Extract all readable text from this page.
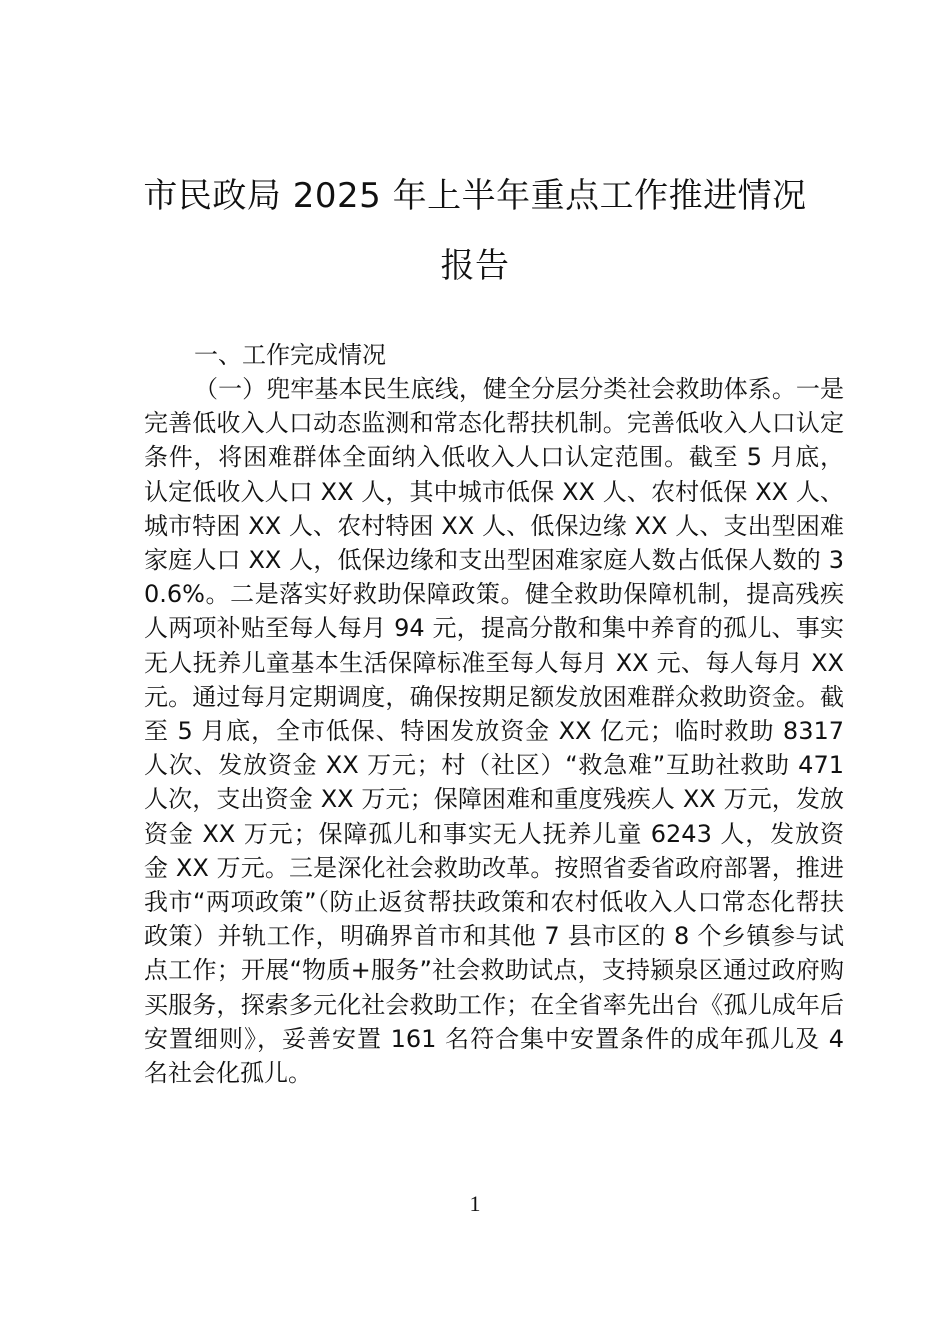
市民政局 2025 年上半年重点工作推进情况
报告
一、工作完成情况

（一）兜牢基本民生底线，健全分层分类社会救助体系。一是完善低收入人口动态监测和常态化帮扶机制。完善低收入人口认定条件，将困难群体全面纳入低收入人口认定范围。截至 5 月底，认定低收入人口 XX 人，其中城市低保 XX 人、农村低保 XX 人、城市特困 XX 人、农村特困 XX 人、低保边缘 XX 人、支出型困难家庭人口 XX 人，低保边缘和支出型困难家庭人数占低保人数的 30.6%。二是落实好救助保障政策。健全救助保障机制，提高残疾人两项补贴至每人每月 94 元，提高分散和集中养育的孤儿、事实无人抚养儿童基本生活保障标准至每人每月 XX 元、每人每月 XX 元。通过每月定期调度，确保按期足额发放困难群众救助资金。截至 5 月底，全市低保、特困发放资金 XX 亿元；临时救助 8317 人次、发放资金 XX 万元；村（社区）“救急难”互助社救助 471 人次，支出资金 XX 万元；保障困难和重度残疾人 XX 万元，发放资金 XX 万元；保障孤儿和事实无人抚养儿童 6243 人，发放资金 XX 万元。三是深化社会救助改革。按照省委省政府部署，推进我市“两项政策”（防止返贫帮扶政策和农村低收入人口常态化帮扶政策）并轨工作，明确界首市和其他 7 县市区的 8 个乡镇参与试点工作；开展“物质+服务”社会救助试点，支持颍泉区通过政府购买服务，探索多元化社会救助工作；在全省率先出台《孤儿成年后安置细则》，妥善安置 161 名符合集中安置条件的成年孤儿及 4 名社会化孤儿。

1
